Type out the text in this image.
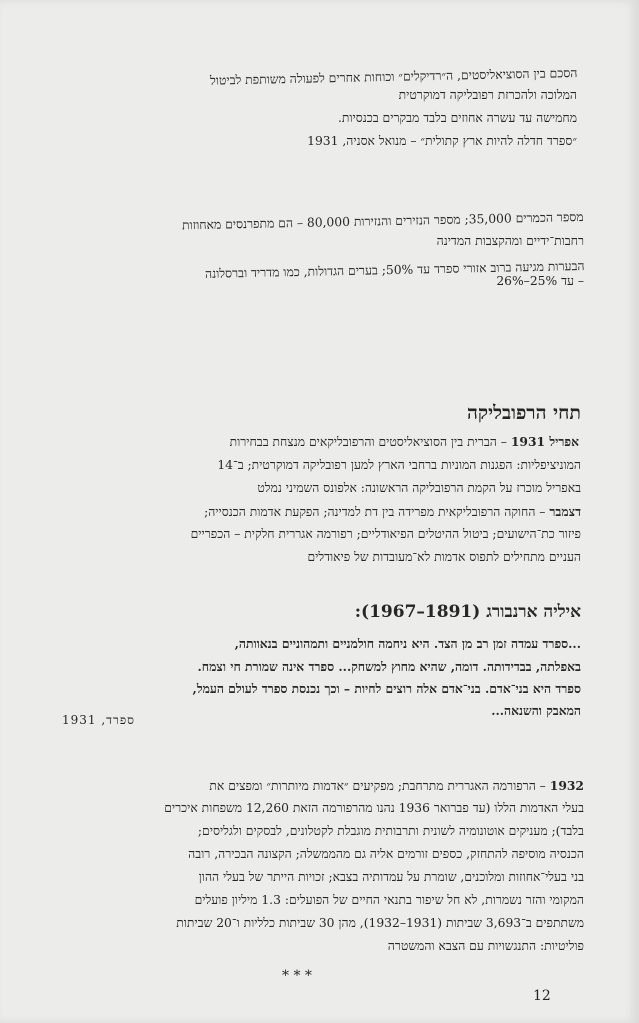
הסכם בין הסוציאליסטים, ה״רדיקלים״ וכוחות אחרים לפעולה משותפת לביטול
המלוכה ולהכרזת רפובליקה דמוקרטית
מחמישה עד עשרה אחוזים בלבד מבקרים בכנסיות.
״ספרד חדלה להיות ארץ קתולית״ – מנואל אסניה, 1931
מספר הכמרים 35,000; מספר הנזירים והנזירות 80,000 – הם מתפרנסים מאחוזות
רחבות־ידיים ומהקצבות המדינה
הבערות מגיעה ברוב אזורי ספרד עד 50%; בערים הגדולות, כמו מדריד וברסלונה
– עד 25%–26%
תחי הרפובליקה
אפריל 1931 – הברית בין הסוציאליסטים והרפובליקאים מנצחת בבחירות
המוניציפליות: הפגנות המוניות ברחבי הארץ למען רפובליקה דמוקרטית; ב־14
באפריל מוכרז על הקמת הרפובליקה הראשונה: אלפונס השמיני נמלט
דצמבר – החוקה הרפובליקאית מפרידה בין דת למדינה; הפקעת אדמות הכנסייה;
פיזור כת־הישועים; ביטול ההיטלים הפיאודליים; רפורמה אגררית חלקית – הכפריים
העניים מתחילים לתפוס אדמות לא־מעובדות של פיאודלים
איליה ארנבורג (1891–1967):
...ספרד עמדה זמן רב מן הצד. היא ניחמה חולמניים ותמהוניים בנאוותה,
באפלתה, בבדידותה. דומה, שהיא מחוץ למשחק... ספרד אינה שמורת חי וצמח.
ספרד היא בני־אדם. בני־אדם אלה רוצים לחיות – וכך נכנסת ספרד לעולם העמל,
המאבק והשנאה...
ספרד, 1931
1932 – הרפורמה האגררית מתרחבת; מפקיעים ״אדמות מיותרות״ ומפצים את
בעלי האדמות הללו (עד פברואר 1936 נהנו מהרפורמה הזאת 12,260 משפחות איכרים
בלבד); מעניקים אוטונומיה לשונית ותרבותית מוגבלת לקטלונים, לבסקים ולגליסים;
הכנסיה מוסיפה להתחזק, כספים זורמים אליה גם מהממשלה; הקצונה הבכירה, רובה
בני בעלי־אחוזות ומלוכנים, שומרת על עמדותיה בצבא; זכויות הייתר של בעלי ההון
המקומי והזר נשמרות, לא חל שיפור בתנאי החיים של הפועלים: 1.3 מיליון פועלים
משתתפים ב־3,693 שביתות (1931–1932), מהן 30 שביתות כלליות ו־20 שביתות
פוליטיות: התנגשויות עם הצבא והמשטרה
* * *
12
